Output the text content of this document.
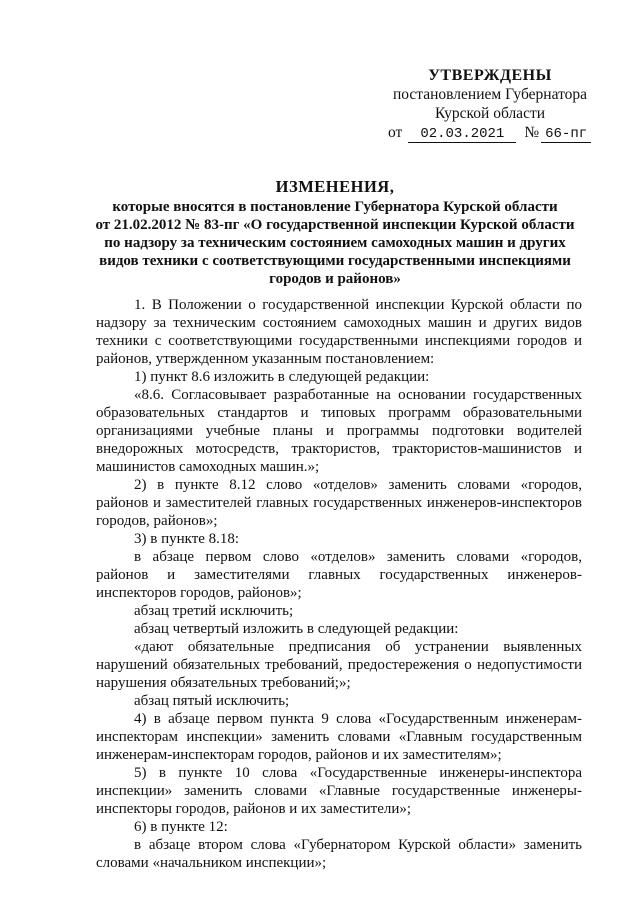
УТВЕРЖДЕНЫ
постановлением Губернатора
Курской области
от	02.03.2021	№ 66-пг
ИЗМЕНЕНИЯ,
которые вносятся в постановление Губернатора Курской области
от 21.02.2012 № 83-пг «О государственной инспекции Курской области
по надзору за техническим состоянием самоходных машин и других
видов техники с соответствующими государственными инспекциями
городов и районов»

1. В Положении о государственной инспекции Курской области по надзору за техническим состоянием самоходных машин и других видов техники с соответствующими государственными инспекциями городов и районов, утвержденном указанным постановлением:

1) пункт 8.6 изложить в следующей редакции:

«8.6. Согласовывает разработанные на основании государственных образовательных стандартов и типовых программ образовательными организациями учебные планы и программы подготовки водителей внедорожных мотосредств, трактористов, трактористов-машинистов и машинистов самоходных машин.»;

2) в пункте 8.12 слово «отделов» заменить словами «городов, районов и заместителей главных государственных инженеров-инспекторов городов, районов»;

3) в пункте 8.18:

в абзаце первом слово «отделов» заменить словами «городов, районов и заместителями главных государственных инженеров-инспекторов городов, районов»;

абзац третий исключить;

абзац четвертый изложить в следующей редакции:

«дают обязательные предписания об устранении выявленных нарушений обязательных требований, предостережения о недопустимости нарушения обязательных требований;»;

абзац пятый исключить;

4) в абзаце первом пункта 9 слова «Государственным инженерам-инспекторам инспекции» заменить словами «Главным государственным инженерам-инспекторам городов, районов и их заместителям»;

5) в пункте 10 слова «Государственные инженеры-инспектора инспекции» заменить словами «Главные государственные инженеры-инспекторы городов, районов и их заместители»;

6) в пункте 12:

в абзаце втором слова «Губернатором Курской области» заменить словами «начальником инспекции»;
